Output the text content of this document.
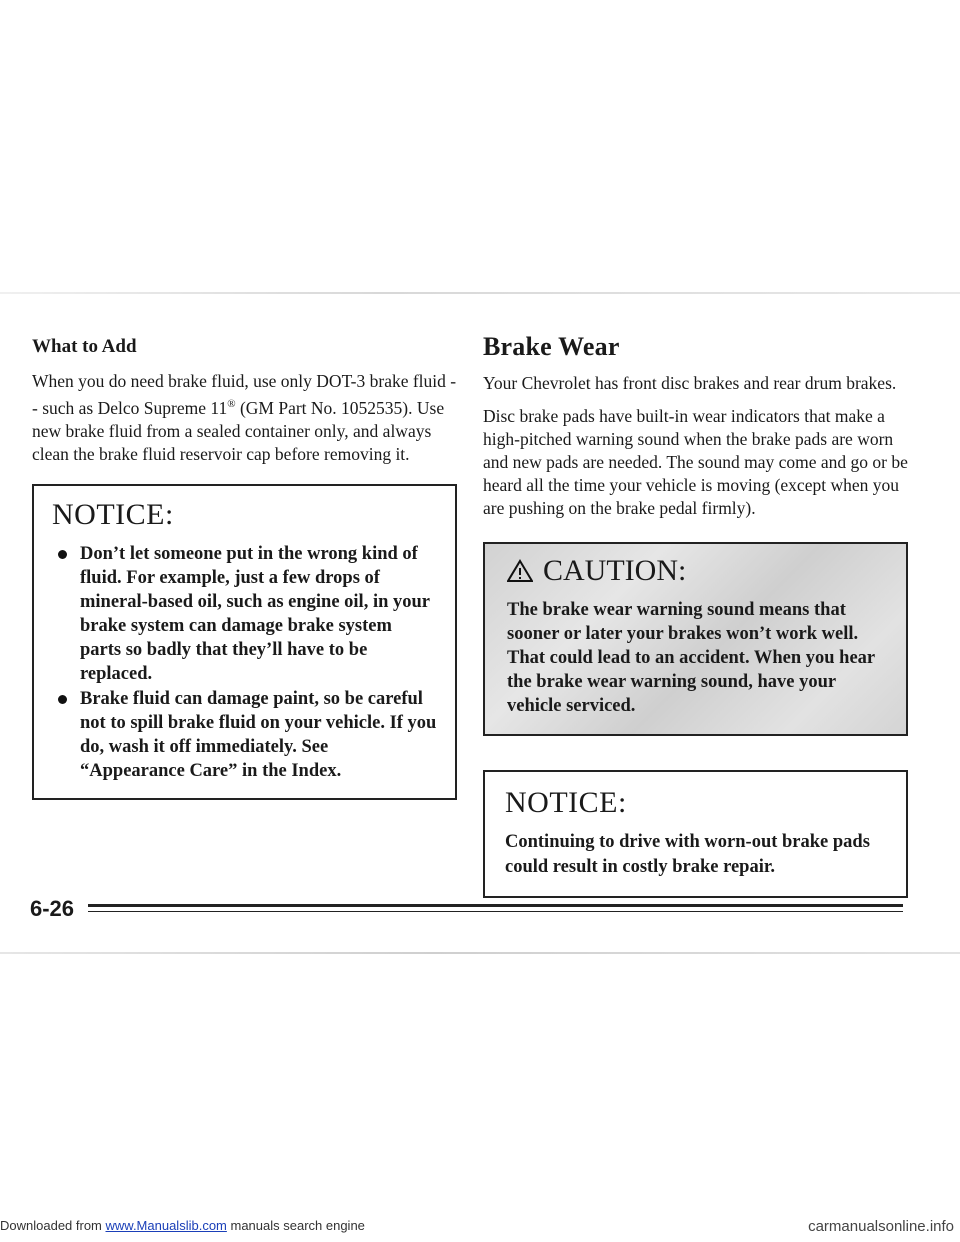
What to Add

When you do need brake fluid, use only DOT-3 brake fluid -- such as Delco Supreme 11® (GM Part No. 1052535). Use new brake fluid from a sealed container only, and always clean the brake fluid reservoir cap before removing it.

NOTICE:
Don’t let someone put in the wrong kind of fluid. For example, just a few drops of mineral-based oil, such as engine oil, in your brake system can damage brake system parts so badly that they’ll have to be replaced.
Brake fluid can damage paint, so be careful not to spill brake fluid on your vehicle. If you do, wash it off immediately. See “Appearance Care” in the Index.
Brake Wear

Your Chevrolet has front disc brakes and rear drum brakes.

Disc brake pads have built-in wear indicators that make a high-pitched warning sound when the brake pads are worn and new pads are needed. The sound may come and go or be heard all the time your vehicle is moving (except when you are pushing on the brake pedal firmly).

CAUTION:

The brake wear warning sound means that sooner or later your brakes won’t work well. That could lead to an accident. When you hear the brake wear warning sound, have your vehicle serviced.

NOTICE:

Continuing to drive with worn-out brake pads could result in costly brake repair.

6-26
Downloaded from www.Manualslib.com manuals search engine	carmanualsonline.info
